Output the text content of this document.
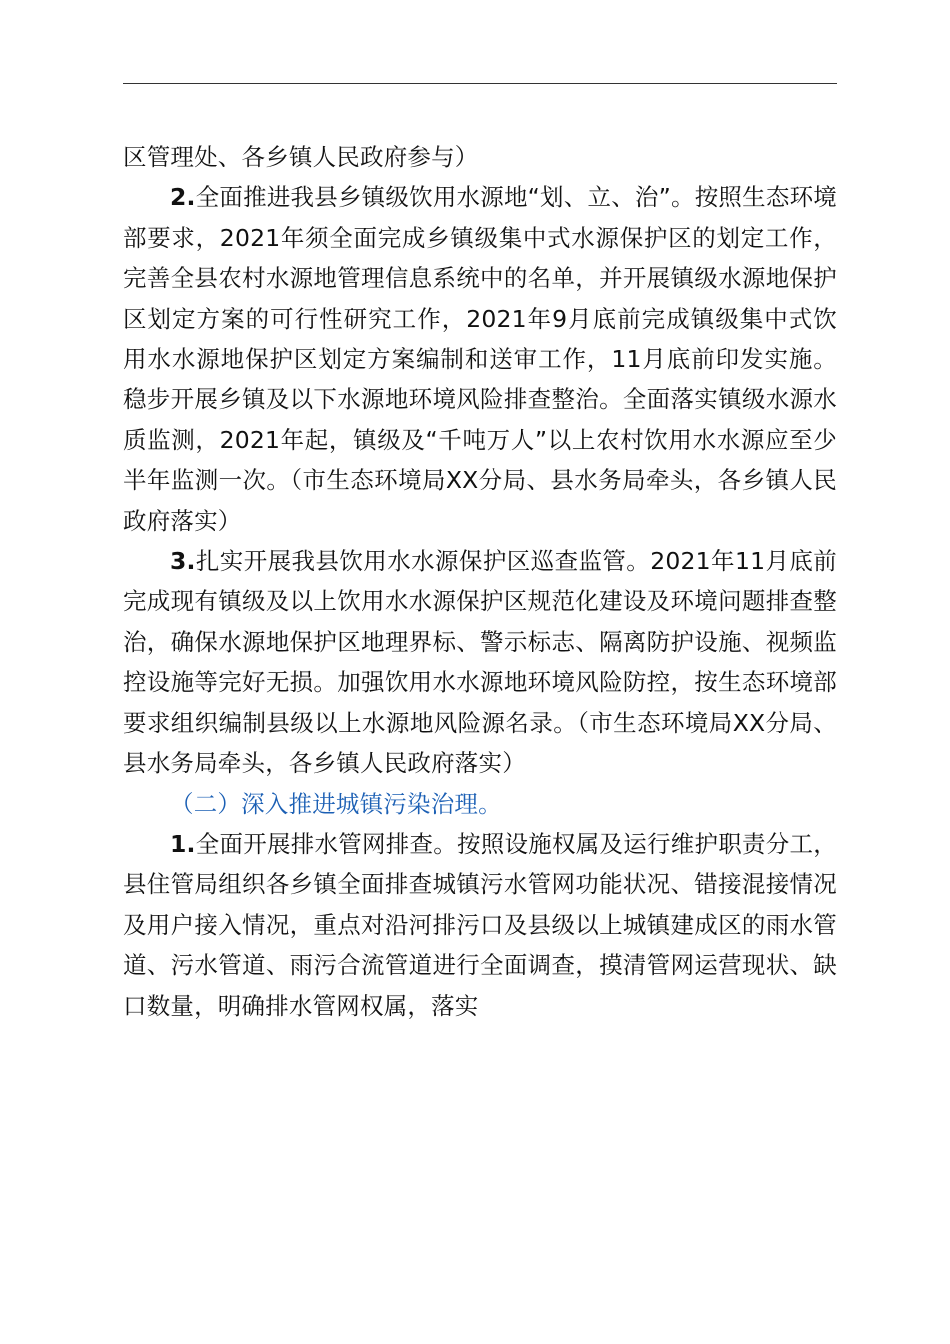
区管理处、各乡镇人民政府参与）

2.全面推进我县乡镇级饮用水源地“划、立、治”。按照生态环境部要求，2021年须全面完成乡镇级集中式水源保护区的划定工作，完善全县农村水源地管理信息系统中的名单，并开展镇级水源地保护区划定方案的可行性研究工作，2021年9月底前完成镇级集中式饮用水水源地保护区划定方案编制和送审工作，11月底前印发实施。稳步开展乡镇及以下水源地环境风险排查整治。全面落实镇级水源水质监测，2021年起，镇级及“千吨万人”以上农村饮用水水源应至少半年监测一次。（市生态环境局XX分局、县水务局牵头，各乡镇人民政府落实）

3.扎实开展我县饮用水水源保护区巡查监管。2021年11月底前完成现有镇级及以上饮用水水源保护区规范化建设及环境问题排查整治，确保水源地保护区地理界标、警示标志、隔离防护设施、视频监控设施等完好无损。加强饮用水水源地环境风险防控，按生态环境部要求组织编制县级以上水源地风险源名录。（市生态环境局XX分局、县水务局牵头，各乡镇人民政府落实）

（二）深入推进城镇污染治理。

1.全面开展排水管网排查。按照设施权属及运行维护职责分工，县住管局组织各乡镇全面排查城镇污水管网功能状况、错接混接情况及用户接入情况，重点对沿河排污口及县级以上城镇建成区的雨水管道、污水管道、雨污合流管道进行全面调查，摸清管网运营现状、缺口数量，明确排水管网权属，落实
